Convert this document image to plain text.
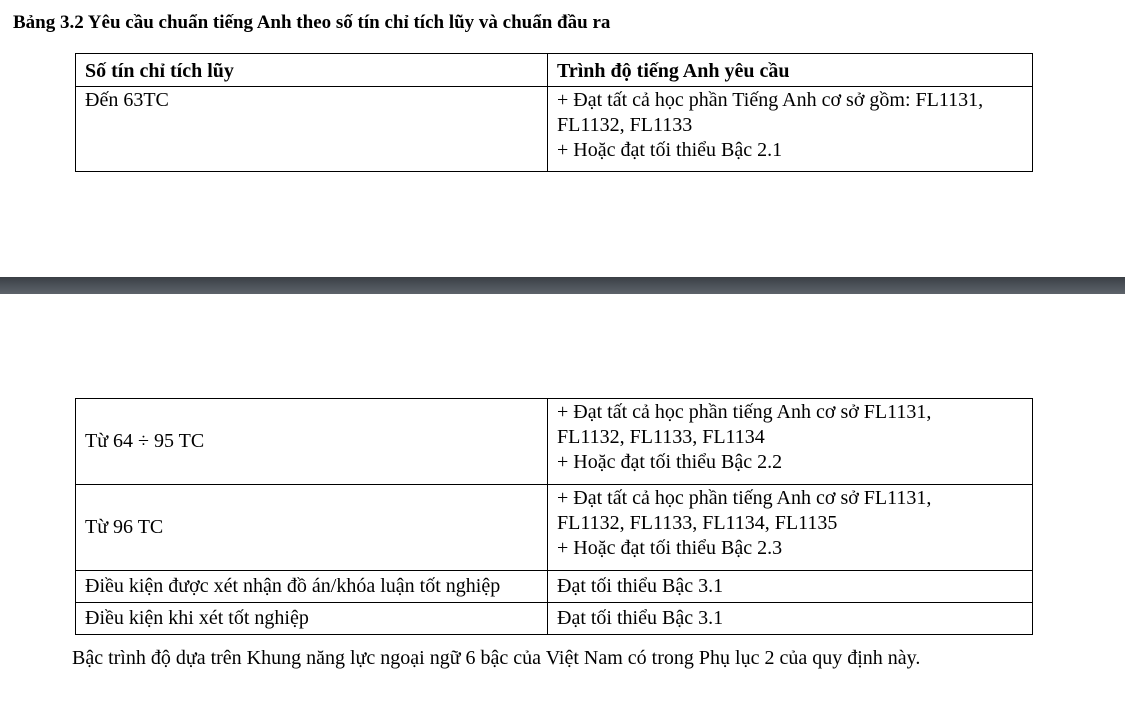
Bảng 3.2 Yêu cầu chuẩn tiếng Anh theo số tín chỉ tích lũy và chuẩn đầu ra
Số tín chỉ tích lũy	Trình độ tiếng Anh yêu cầu
Đến 63TC	+ Đạt tất cả học phần Tiếng Anh cơ sở gồm: FL1131,
FL1132, FL1133
+ Hoặc đạt tối thiểu Bậc 2.1
Từ 64 ÷ 95 TC	+ Đạt tất cả học phần tiếng Anh cơ sở FL1131,
FL1132, FL1133, FL1134
+ Hoặc đạt tối thiểu Bậc 2.2

Từ 96 TC	+ Đạt tất cả học phần tiếng Anh cơ sở FL1131,
FL1132, FL1133, FL1134, FL1135
+ Hoặc đạt tối thiểu Bậc 2.3

Điều kiện được xét nhận đồ án/khóa luận tốt nghiệp	Đạt tối thiểu Bậc 3.1

Điều kiện khi xét tốt nghiệp	Đạt tối thiểu Bậc 3.1
Bậc trình độ dựa trên Khung năng lực ngoại ngữ 6 bậc của Việt Nam có trong Phụ lục 2 của quy định này.
